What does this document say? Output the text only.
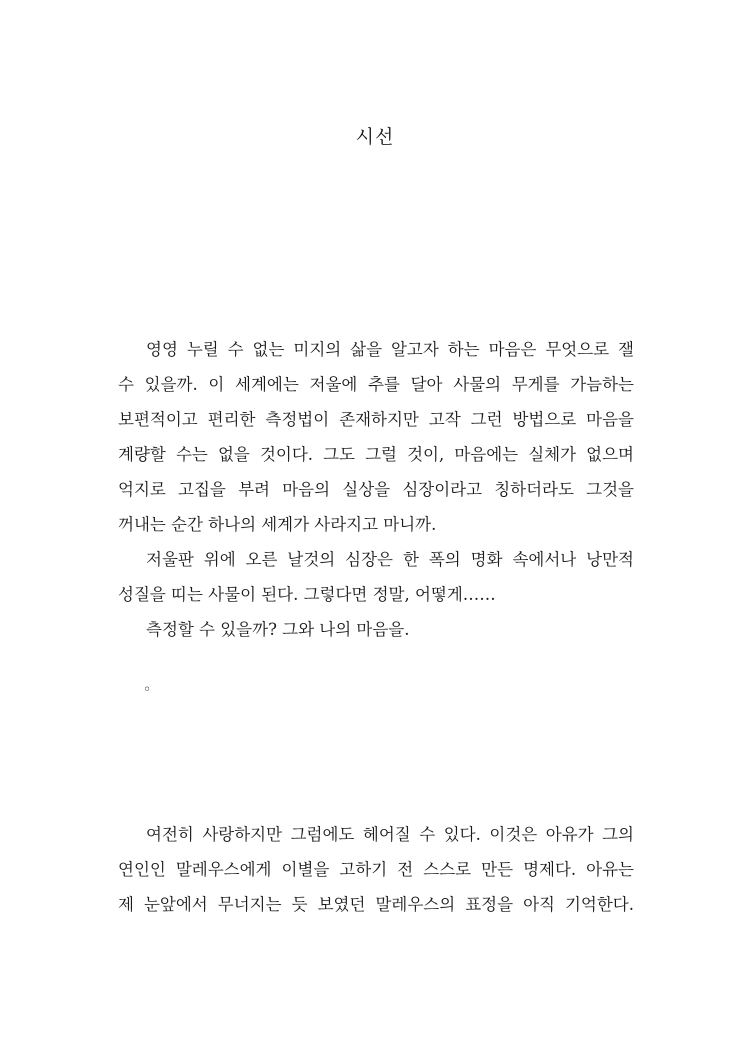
시선
영영 누릴 수 없는 미지의 삶을 알고자 하는 마음은 무엇으로 잴
수 있을까. 이 세계에는 저울에 추를 달아 사물의 무게를 가늠하는
보편적이고 편리한 측정법이 존재하지만 고작 그런 방법으로 마음을
계량할 수는 없을 것이다. 그도 그럴 것이, 마음에는 실체가 없으며
억지로 고집을 부려 마음의 실상을 심장이라고 칭하더라도 그것을
꺼내는 순간 하나의 세계가 사라지고 마니까.
저울판 위에 오른 날것의 심장은 한 폭의 명화 속에서나 낭만적
성질을 띠는 사물이 된다. 그렇다면 정말, 어떻게……
측정할 수 있을까? 그와 나의 마음을.
◦
여전히 사랑하지만 그럼에도 헤어질 수 있다. 이것은 아유가 그의
연인인 말레우스에게 이별을 고하기 전 스스로 만든 명제다. 아유는
제 눈앞에서 무너지는 듯 보였던 말레우스의 표정을 아직 기억한다.
